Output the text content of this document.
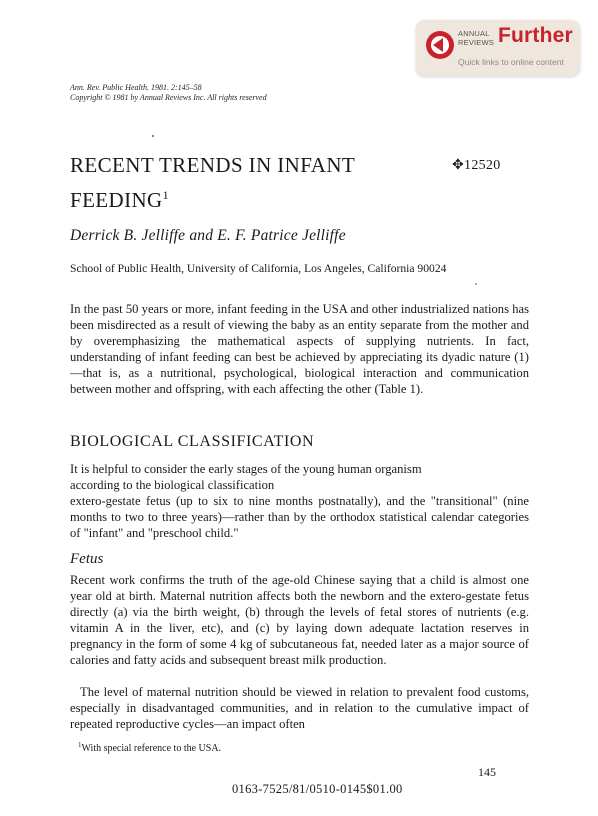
ANNUAL
REVIEWS Further
Quick links to online content
Ann. Rev. Public Health. 1981. 2:145–58
Copyright © 1981 by Annual Reviews Inc. All rights reserved
RECENT TRENDS IN INFANT FEEDING$^1$
✥12520
Derrick B. Jelliffe and E. F. Patrice Jelliffe
School of Public Health, University of California, Los Angeles, California 90024

In the past 50 years or more, infant feeding in the USA and other industrialized nations has been misdirected as a result of viewing the baby as an entity separate from the mother and by overemphasizing the mathematical aspects of supplying nutrients. In fact, understanding of infant feeding can best be achieved by appreciating its dyadic nature (1)—that is, as a nutritional, psychological, biological interaction and communication between mother and offspring, with each affecting the other (Table 1).

BIOLOGICAL CLASSIFICATION

It is helpful to consider the early stages of the young human organism
according to the biological classification
extero-gestate fetus (up to six to nine months postnatally), and the "transitional" (nine months to two to three years)—rather than by the orthodox statistical calendar categories of "infant" and "preschool child."

Fetus

Recent work confirms the truth of the age-old Chinese saying that a child is almost one year old at birth. Maternal nutrition affects both the newborn and the extero-gestate fetus directly (a) via the birth weight, (b) through the levels of fetal stores of nutrients (e.g. vitamin A in the liver, etc), and (c) by laying down adequate lactation reserves in pregnancy in the form of some 4 kg of subcutaneous fat, needed later as a major source of calories and fatty acids and subsequent breast milk production.

The level of maternal nutrition should be viewed in relation to prevalent food customs, especially in disadvantaged communities, and in relation to the cumulative impact of repeated reproductive cycles—an impact often

$^1$With special reference to the USA.
145
0163-7525/81/0510-0145$01.00
